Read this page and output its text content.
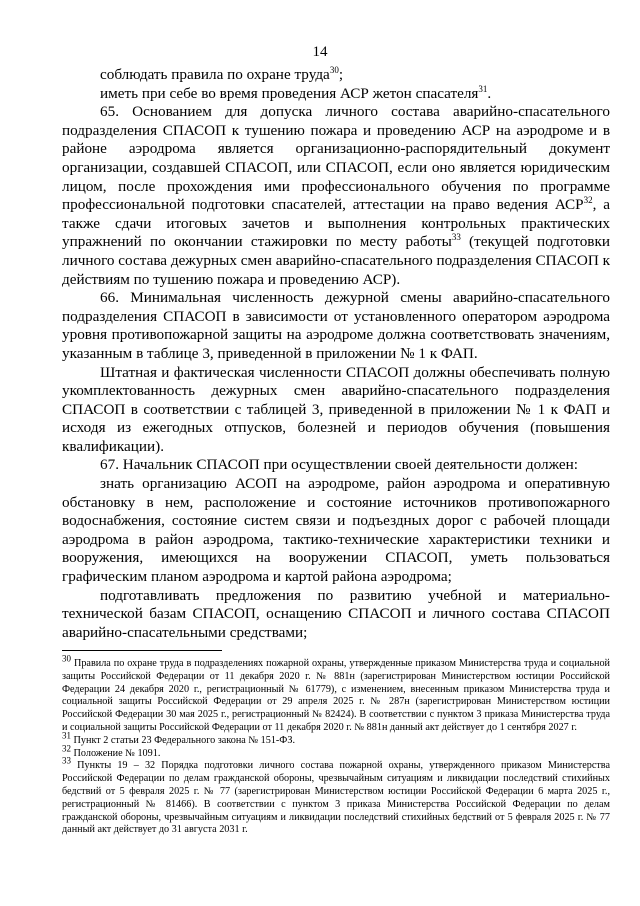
14

соблюдать правила по охране труда$^{30}$;

иметь при себе во время проведения АСР жетон спасателя$^{31}$.

65. Основанием для допуска личного состава аварийно-спасательного подразделения СПАСОП к тушению пожара и проведению АСР на аэродроме и в районе аэродрома является организационно-распорядительный документ организации, создавшей СПАСОП, или СПАСОП, если оно является юридическим лицом, после прохождения ими профессионального обучения по программе профессиональной подготовки спасателей, аттестации на право ведения АСР$^{32}$, а также сдачи итоговых зачетов и выполнения контрольных практических упражнений по окончании стажировки по месту работы$^{33}$ (текущей подготовки личного состава дежурных смен аварийно-спасательного подразделения СПАСОП к действиям по тушению пожара и проведению АСР).

66. Минимальная численность дежурной смены аварийно-спасательного подразделения СПАСОП в зависимости от установленного оператором аэродрома уровня противопожарной защиты на аэродроме должна соответствовать значениям, указанным в таблице 3, приведенной в приложении № 1 к ФАП.

Штатная и фактическая численности СПАСОП должны обеспечивать полную укомплектованность дежурных смен аварийно-спасательного подразделения СПАСОП в соответствии с таблицей 3, приведенной в приложении № 1 к ФАП и исходя из ежегодных отпусков, болезней и периодов обучения (повышения квалификации).

67. Начальник СПАСОП при осуществлении своей деятельности должен:

знать организацию АСОП на аэродроме, район аэродрома и оперативную обстановку в нем, расположение и состояние источников противопожарного водоснабжения, состояние систем связи и подъездных дорог с рабочей площади аэродрома в район аэродрома, тактико-технические характеристики техники и вооружения, имеющихся на вооружении СПАСОП, уметь пользоваться графическим планом аэродрома и картой района аэродрома;

подготавливать предложения по развитию учебной и материально-технической базам СПАСОП, оснащению СПАСОП и личного состава СПАСОП аварийно-спасательными средствами;

$^{30}$ Правила по охране труда в подразделениях пожарной охраны, утвержденные приказом Министерства труда и социальной защиты Российской Федерации от 11 декабря 2020 г. № 881н (зарегистрирован Министерством юстиции Российской Федерации 24 декабря 2020 г., регистрационный № 61779), с изменением, внесенным приказом Министерства труда и социальной защиты Российской Федерации от 29 апреля 2025 г. № 287н (зарегистрирован Министерством юстиции Российской Федерации 30 мая 2025 г., регистрационный № 82424). В соответствии с пунктом 3 приказа Министерства труда и социальной защиты Российской Федерации от 11 декабря 2020 г. № 881н данный акт действует до 1 сентября 2027 г.

$^{31}$ Пункт 2 статьи 23 Федерального закона № 151-ФЗ.

$^{32}$ Положение № 1091.

$^{33}$ Пункты 19 – 32 Порядка подготовки личного состава пожарной охраны, утвержденного приказом Министерства Российской Федерации по делам гражданской обороны, чрезвычайным ситуациям и ликвидации последствий стихийных бедствий от 5 февраля 2025 г. № 77 (зарегистрирован Министерством юстиции Российской Федерации 6 марта 2025 г., регистрационный № 81466). В соответствии с пунктом 3 приказа Министерства Российской Федерации по делам гражданской обороны, чрезвычайным ситуациям и ликвидации последствий стихийных бедствий от 5 февраля 2025 г. № 77 данный акт действует до 31 августа 2031 г.
